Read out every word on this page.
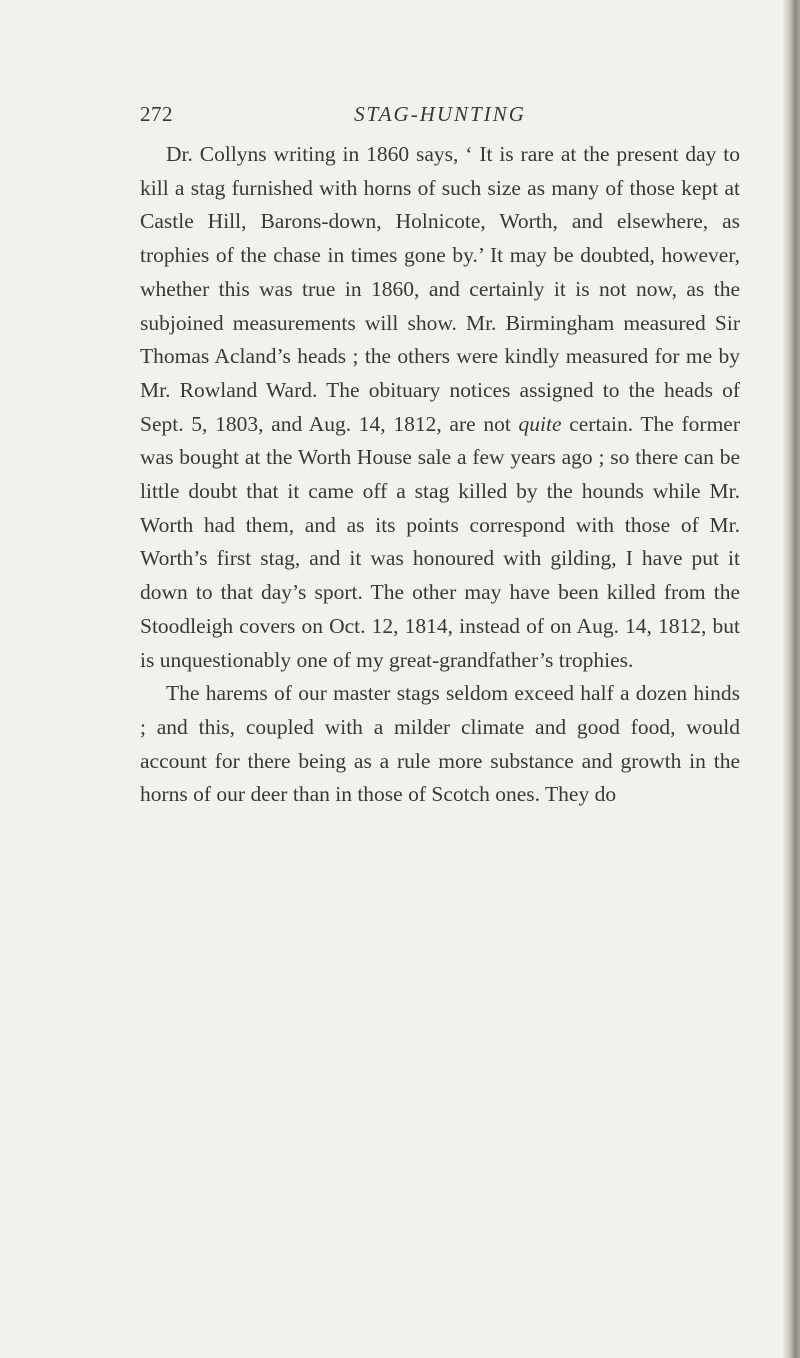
272	STAG-HUNTING

Dr. Collyns writing in 1860 says, ‘ It is rare at the present day to kill a stag furnished with horns of such size as many of those kept at Castle Hill, Barons-down, Holnicote, Worth, and elsewhere, as trophies of the chase in times gone by.’ It may be doubted, however, whether this was true in 1860, and certainly it is not now, as the subjoined measurements will show. Mr. Birmingham measured Sir Thomas Acland’s heads ; the others were kindly measured for me by Mr. Rowland Ward. The obituary notices assigned to the heads of Sept. 5, 1803, and Aug. 14, 1812, are not quite certain. The former was bought at the Worth House sale a few years ago ; so there can be little doubt that it came off a stag killed by the hounds while Mr. Worth had them, and as its points correspond with those of Mr. Worth’s first stag, and it was honoured with gilding, I have put it down to that day’s sport. The other may have been killed from the Stoodleigh covers on Oct. 12, 1814, instead of on Aug. 14, 1812, but is unquestionably one of my great-grandfather’s trophies.

The harems of our master stags seldom exceed half a dozen hinds ; and this, coupled with a milder climate and good food, would account for there being as a rule more substance and growth in the horns of our deer than in those of Scotch ones. They do
